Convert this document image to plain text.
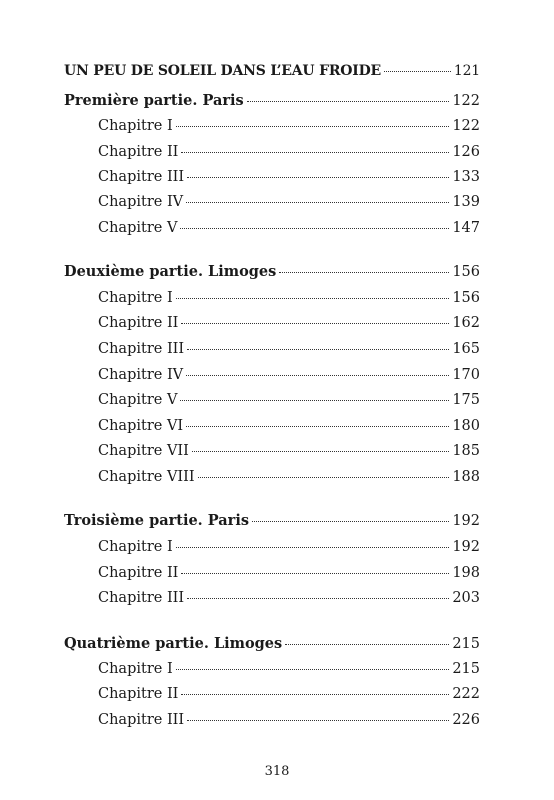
UN PEU DE SOLEIL DANS L’EAU FROIDE	121
Première partie. Paris	122
Chapitre I	122
Chapitre II	126
Chapitre III	133
Chapitre IV	139
Chapitre V	147
Deuxième partie. Limoges	156
Chapitre I	156
Chapitre II	162
Chapitre III	165
Chapitre IV	170
Chapitre V	175
Chapitre VI	180
Chapitre VII	185
Chapitre VIII	188
Troisième partie. Paris	192
Chapitre I	192
Chapitre II	198
Chapitre III	203
Quatrième partie. Limoges	215
Chapitre I	215
Chapitre II	222
Chapitre III	226
318
